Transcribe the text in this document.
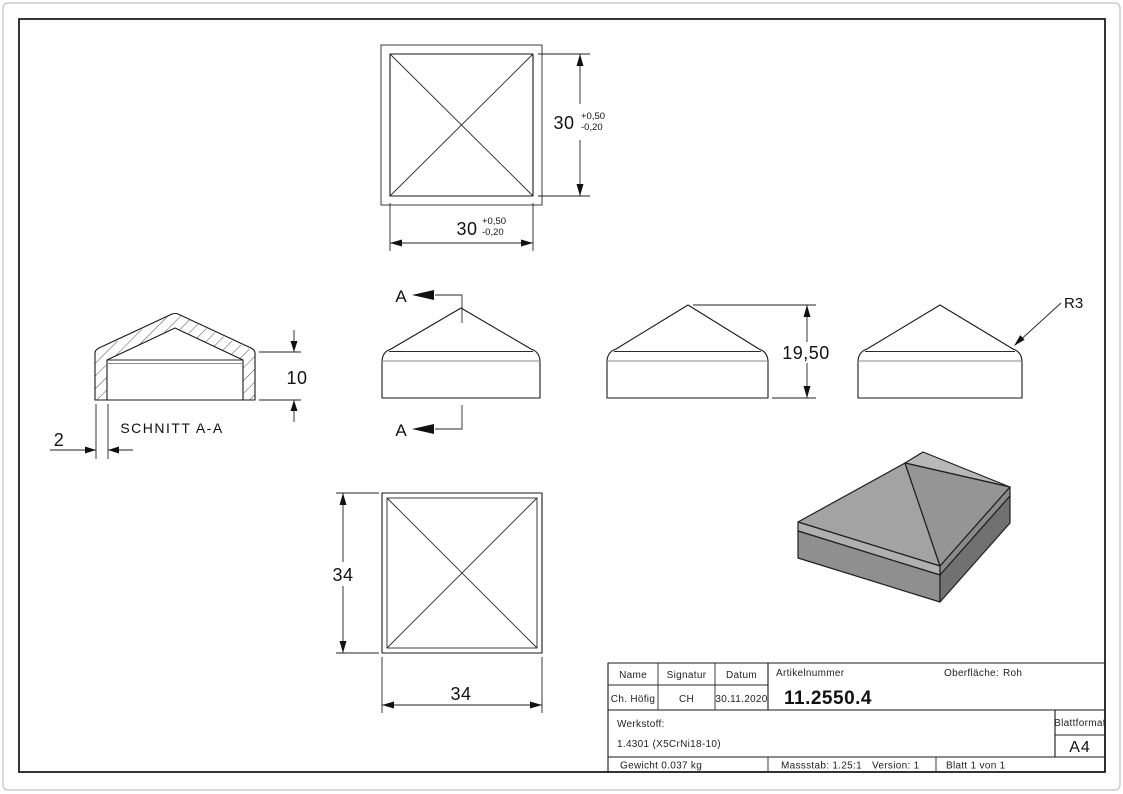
30 +0,50
-0,20
30 +0,50
-0,20
10
2
SCHNITT A-A
A
A
19,50
R3
34
34
Name Signatur Datum
Ch. Höfig CH 30.11.2020
Artikelnummer
11.2550.4
Oberfläche: Roh
Werkstoff:
1.4301 (X5CrNi18-10)
Blattformat
A4
Gewicht 0.037 kg	Massstab: 1.25:1 Version: 1	Blatt 1 von 1
